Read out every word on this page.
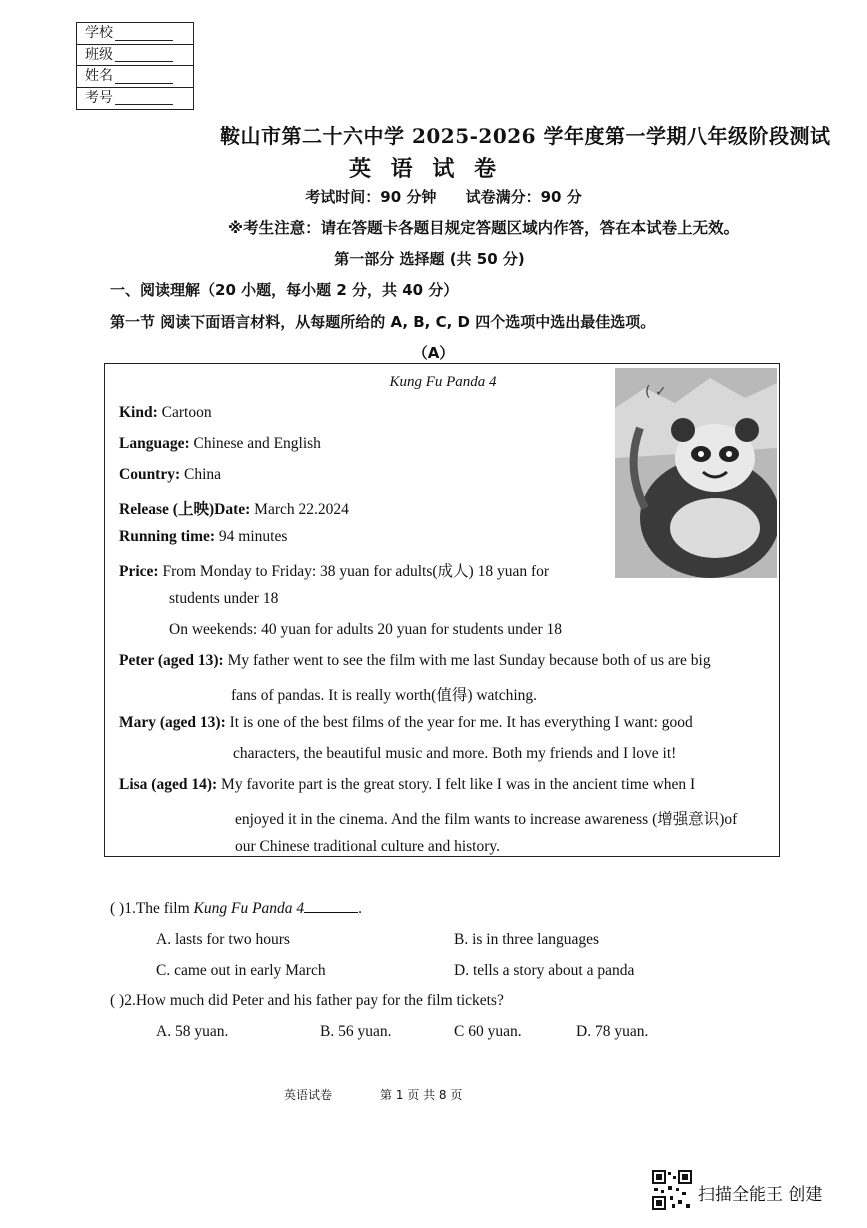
学校
班级
姓名
考号
鞍山市第二十六中学 2025-2026 学年度第一学期八年级阶段测试
英 语 试 卷
考试时间：90 分钟 试卷满分：90 分
※考生注意：请在答题卡各题目规定答题区域内作答，答在本试卷上无效。
第一部分 选择题 (共 50 分)
一、阅读理解（20 小题，每小题 2 分，共 40 分）
第一节 阅读下面语言材料，从每题所给的 A, B, C, D 四个选项中选出最佳选项。
（A）
Kung Fu Panda 4
( ✓
Kind: Cartoon
Language: Chinese and English
Country: China
Release (上映)Date: March 22.2024
Running time: 94 minutes
Price: From Monday to Friday: 38 yuan for adults(成人) 18 yuan for
students under 18
On weekends: 40 yuan for adults 20 yuan for students under 18
Peter (aged 13): My father went to see the film with me last Sunday because both of us are big
fans of pandas. It is really worth(值得) watching.
Mary (aged 13): It is one of the best films of the year for me. It has everything I want: good
characters, the beautiful music and more. Both my friends and I love it!
Lisa (aged 14): My favorite part is the great story. I felt like I was in the ancient time when I
enjoyed it in the cinema. And the film wants to increase awareness (增强意识)of
our Chinese traditional culture and history.
( )1.The film Kung Fu Panda 4	.
A. lasts for two hours	B. is in three languages
C. came out in early March	D. tells a story about a panda
( )2.How much did Peter and his father pay for the film tickets?
A. 58 yuan.	B. 56 yuan.	C 60 yuan.	D. 78 yuan.
英语试卷	第 1 页 共 8 页
扫描全能王 创建
